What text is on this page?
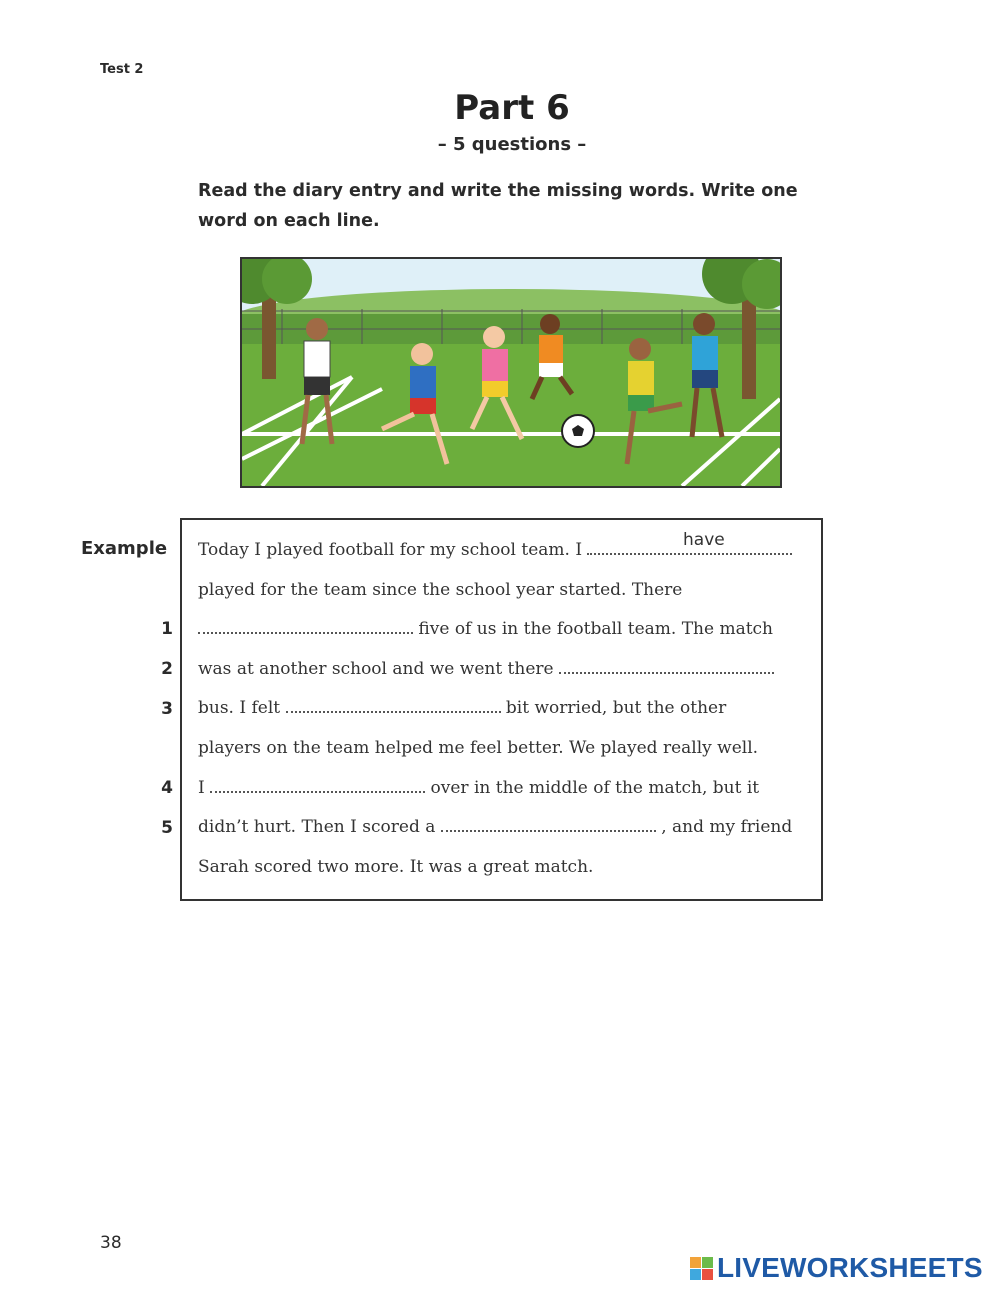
Test 2
Part 6
– 5 questions –
Read the diary entry and write the missing words. Write one word on each line.
Example
1
2
3
4
5
Today I played football for my school team. I	have
played for the team since the school year started. There
five of us in the football team. The match
was at another school and we went there
bus. I felt	bit worried, but the other
players on the team helped me feel better. We played really well.
I	over in the middle of the match, but it
didn’t hurt. Then I scored a	, and my friend
Sarah scored two more. It was a great match.
38
LIVEWORKSHEETS
